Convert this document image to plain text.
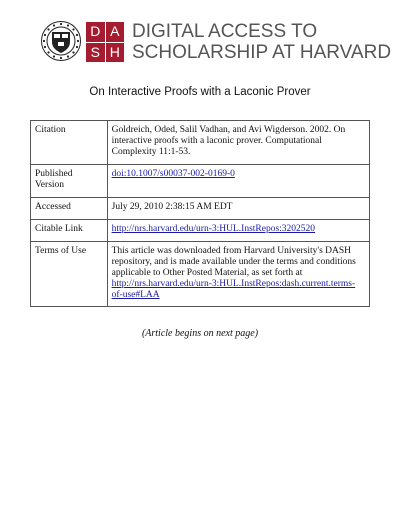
D A
S H
DIGITAL ACCESS TO
SCHOLARSHIP AT HARVARD
On Interactive Proofs with a Laconic Prover
Citation	Goldreich, Oded, Salil Vadhan, and Avi Wigderson. 2002. On interactive proofs with a laconic prover. Computational Complexity 11:1-53.
Published Version	doi:10.1007/s00037-002-0169-0
Accessed	July 29, 2010 2:38:15 AM EDT
Citable Link	http://nrs.harvard.edu/urn-3:HUL.InstRepos:3202520
Terms of Use	This article was downloaded from Harvard University's DASH repository, and is made available under the terms and conditions applicable to Other Posted Material, as set forth at http://nrs.harvard.edu/urn-3:HUL.InstRepos:dash.current.terms-of-use#LAA
(Article begins on next page)
